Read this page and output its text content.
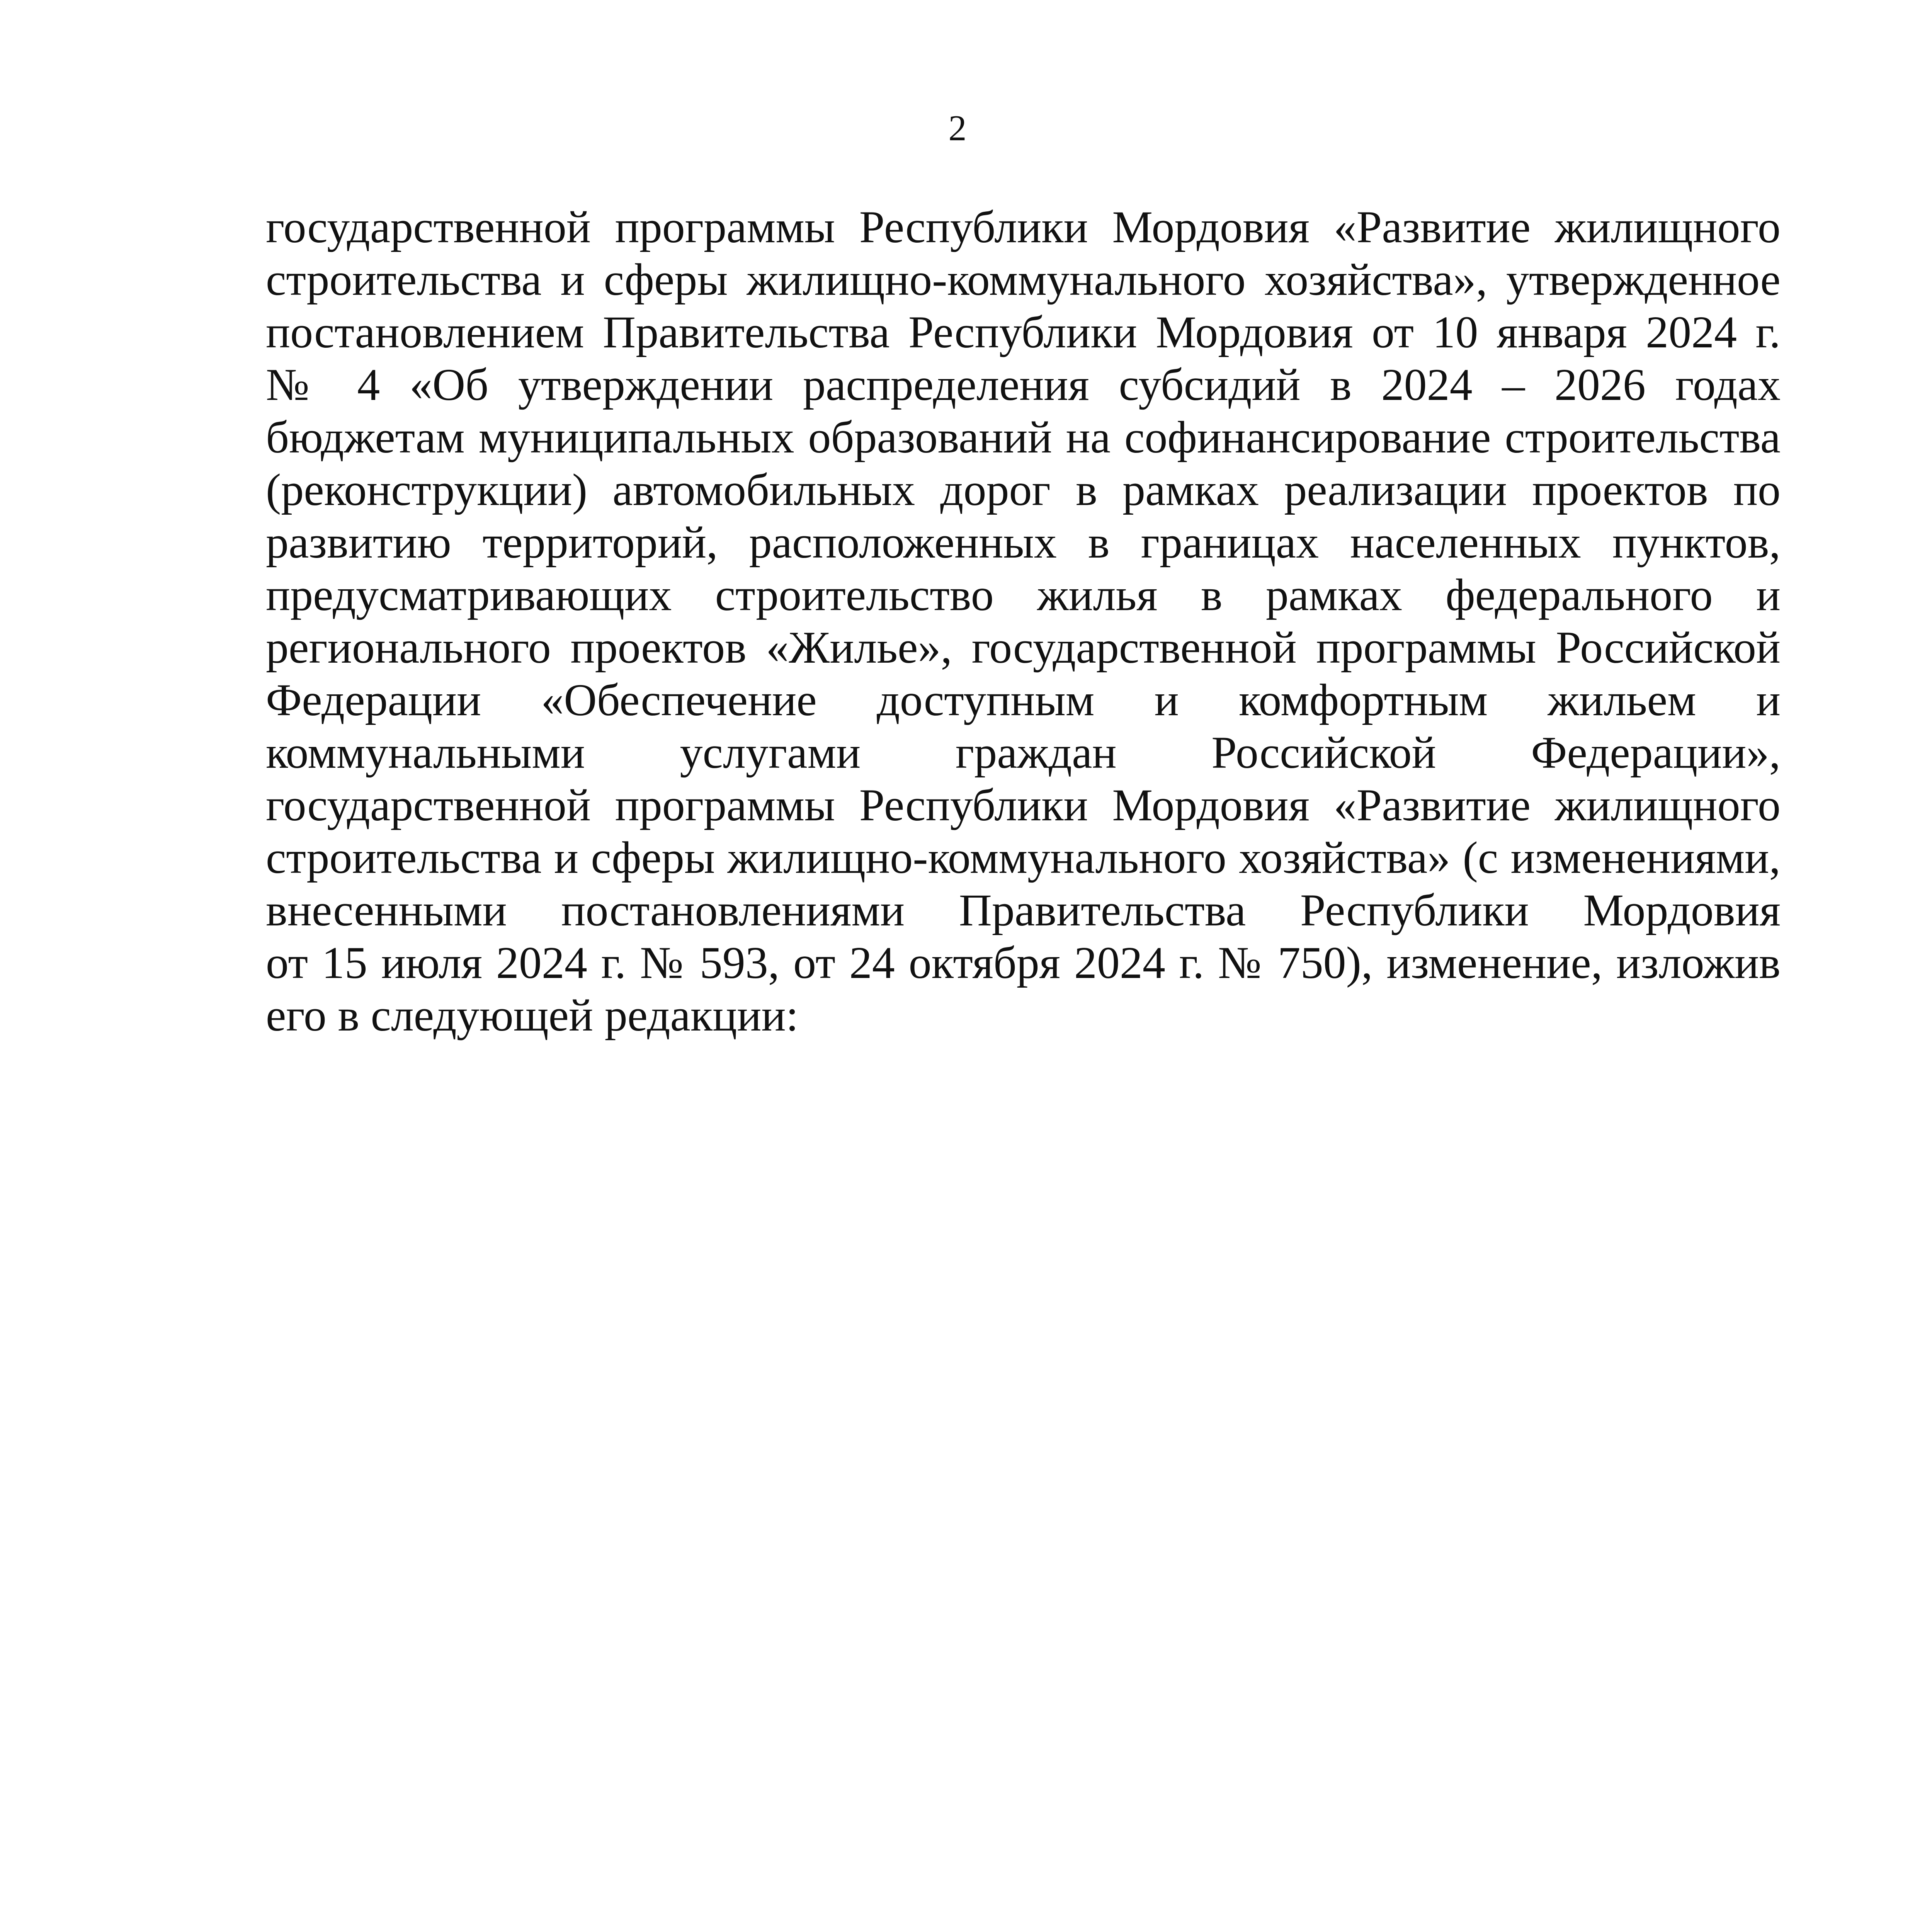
2
государственной программы Республики Мордовия «Развитие жилищного
строительства и сферы жилищно-коммунального хозяйства», утвержденное
постановлением Правительства Республики Мордовия от 10 января 2024 г.
№ 4 «Об утверждении распределения субсидий в 2024 – 2026 годах
бюджетам муниципальных образований на софинансирование строительства
(реконструкции) автомобильных дорог в рамках реализации проектов по
развитию территорий, расположенных в границах населенных пунктов,
предусматривающих строительство жилья в рамках федерального и
регионального проектов «Жилье», государственной программы Российской
Федерации «Обеспечение доступным и комфортным жильем и
коммунальными услугами граждан Российской Федерации»,
государственной программы Республики Мордовия «Развитие жилищного
строительства и сферы жилищно-коммунального хозяйства» (с изменениями,
внесенными постановлениями Правительства Республики Мордовия
от 15 июля 2024 г. № 593, от 24 октября 2024 г. № 750), изменение, изложив
его в следующей редакции:
